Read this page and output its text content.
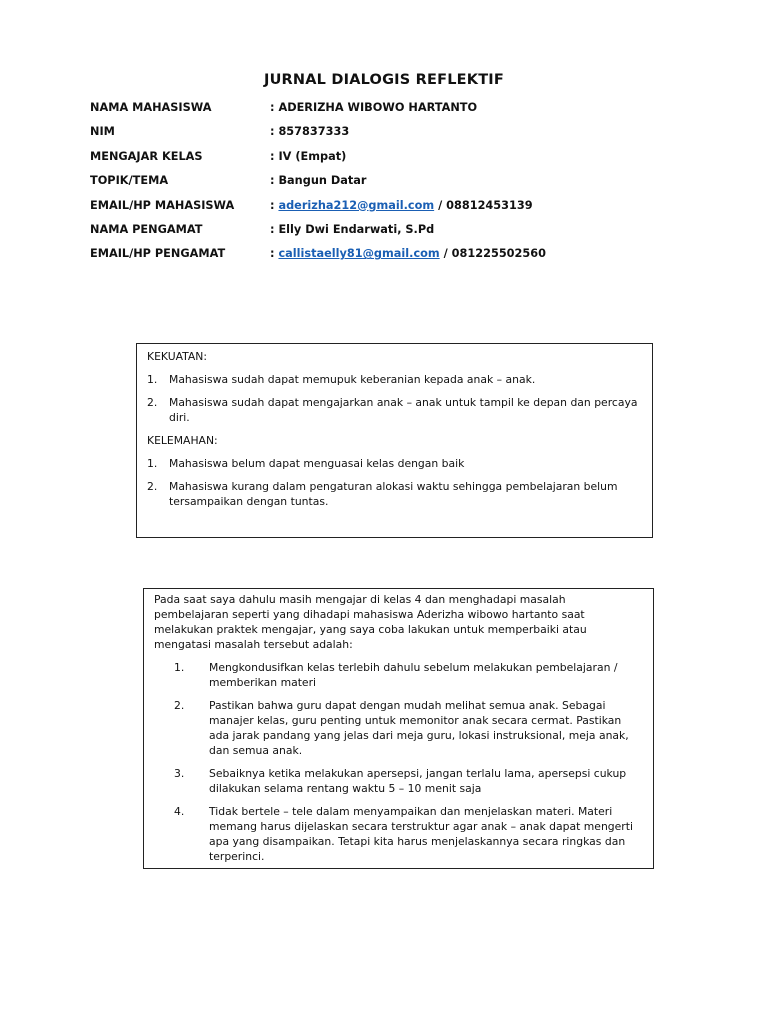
JURNAL DIALOGIS REFLEKTIF
NAMA MAHASISWA	: ADERIZHA WIBOWO HARTANTO
NIM	: 857837333
MENGAJAR KELAS	: IV (Empat)
TOPIK/TEMA	: Bangun Datar
EMAIL/HP MAHASISWA	: aderizha212@gmail.com / 08812453139
NAMA PENGAMAT	: Elly Dwi Endarwati, S.Pd
EMAIL/HP PENGAMAT	: callistaelly81@gmail.com / 081225502560

KEKUATAN:

1.	Mahasiswa sudah dapat memupuk keberanian kepada anak – anak.
2.	Mahasiswa sudah dapat mengajarkan anak – anak untuk tampil ke depan dan percaya diri.

KELEMAHAN:

1.	Mahasiswa belum dapat menguasai kelas dengan baik
2.	Mahasiswa kurang dalam pengaturan alokasi waktu sehingga pembelajaran belum tersampaikan dengan tuntas.

Pada saat saya dahulu masih mengajar di kelas 4 dan menghadapi masalah pembelajaran seperti yang dihadapi mahasiswa Aderizha wibowo hartanto saat melakukan praktek mengajar, yang saya coba lakukan untuk memperbaiki atau mengatasi masalah tersebut adalah:

1.	Mengkondusifkan kelas terlebih dahulu sebelum melakukan pembelajaran / memberikan materi
2.	Pastikan bahwa guru dapat dengan mudah melihat semua anak. Sebagai manajer kelas, guru penting untuk memonitor anak secara cermat. Pastikan ada jarak pandang yang jelas dari meja guru, lokasi instruksional, meja anak, dan semua anak.
3.	Sebaiknya ketika melakukan apersepsi, jangan terlalu lama, apersepsi cukup dilakukan selama rentang waktu 5 – 10 menit saja
4.	Tidak bertele – tele dalam menyampaikan dan menjelaskan materi. Materi memang harus dijelaskan secara terstruktur agar anak – anak dapat mengerti apa yang disampaikan. Tetapi kita harus menjelaskannya secara ringkas dan terperinci.
